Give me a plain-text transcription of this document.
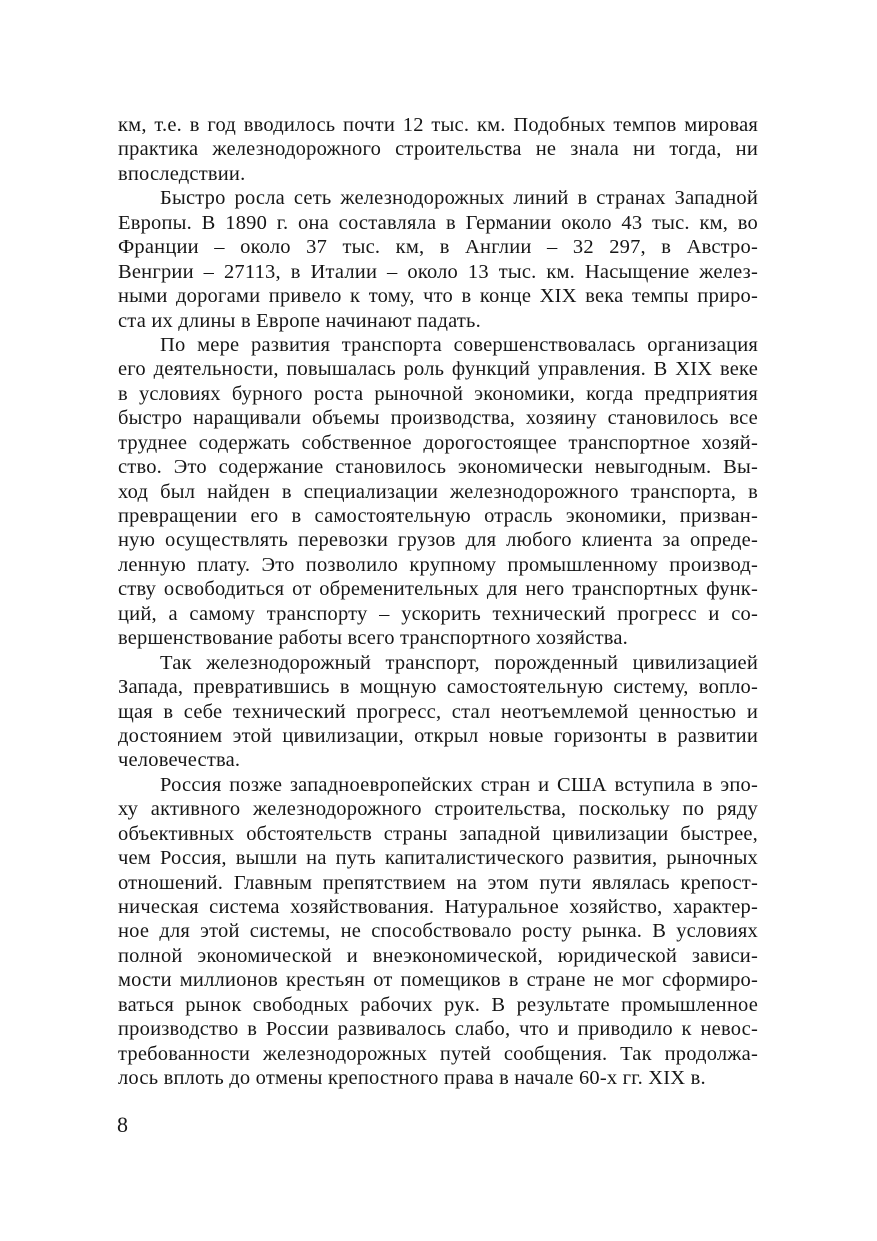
км, т.е. в год вводилось почти 12 тыс. км. Подобных темпов мировая
практика железнодорожного строительства не знала ни тогда, ни
впоследствии.
Быстро росла сеть железнодорожных линий в странах Западной
Европы. В 1890 г. она составляла в Германии около 43 тыс. км, во
Франции – около 37 тыс. км, в Англии – 32 297, в Австро-
Венгрии – 27113, в Италии – около 13 тыс. км. Насыщение желез-
ными дорогами привело к тому, что в конце XIX века темпы приро-
ста их длины в Европе начинают падать.
По мере развития транспорта совершенствовалась организация
его деятельности, повышалась роль функций управления. В XIX веке
в условиях бурного роста рыночной экономики, когда предприятия
быстро наращивали объемы производства, хозяину становилось все
труднее содержать собственное дорогостоящее транспортное хозяй-
ство. Это содержание становилось экономически невыгодным. Вы-
ход был найден в специализации железнодорожного транспорта, в
превращении его в самостоятельную отрасль экономики, призван-
ную осуществлять перевозки грузов для любого клиента за опреде-
ленную плату. Это позволило крупному промышленному производ-
ству освободиться от обременительных для него транспортных функ-
ций, а самому транспорту – ускорить технический прогресс и со-
вершенствование работы всего транспортного хозяйства.
Так железнодорожный транспорт, порожденный цивилизацией
Запада, превратившись в мощную самостоятельную систему, вопло-
щая в себе технический прогресс, стал неотъемлемой ценностью и
достоянием этой цивилизации, открыл новые горизонты в развитии
человечества.
Россия позже западноевропейских стран и США вступила в эпо-
ху активного железнодорожного строительства, поскольку по ряду
объективных обстоятельств страны западной цивилизации быстрее,
чем Россия, вышли на путь капиталистического развития, рыночных
отношений. Главным препятствием на этом пути являлась крепост-
ническая система хозяйствования. Натуральное хозяйство, характер-
ное для этой системы, не способствовало росту рынка. В условиях
полной экономической и внеэкономической, юридической зависи-
мости миллионов крестьян от помещиков в стране не мог сформиро-
ваться рынок свободных рабочих рук. В результате промышленное
производство в России развивалось слабо, что и приводило к невос-
требованности железнодорожных путей сообщения. Так продолжа-
лось вплоть до отмены крепостного права в начале 60-х гг. XIX в.
8
